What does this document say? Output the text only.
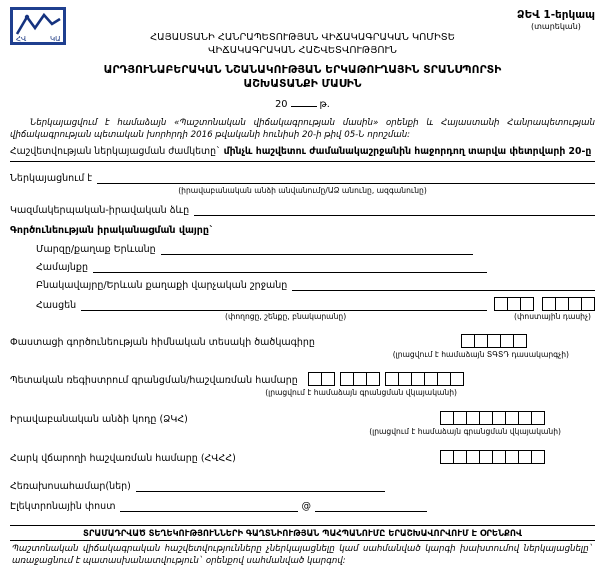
ՀՎ	ԿԱ
ՁԵՎ 1-երկապ
(տարեկան)
ՀԱՅԱՍՏԱՆԻ ՀԱՆՐԱՊԵՏՈՒԹՅԱՆ ՎԻՃԱԿԱԳՐԱԿԱՆ ԿՈՄԻՏԵ
ՎԻՃԱԿԱԳՐԱԿԱՆ ՀԱՇՎԵՏՎՈՒԹՅՈՒՆ
ԱՐԴՅՈՒՆԱԲԵՐԱԿԱՆ ՆՇԱՆԱԿՈՒԹՅԱՆ ԵՐԿԱԹՈՒՂԱՅԻՆ ՏՐԱՆՍՊՈՐՏԻ
ԱՇԽԱՏԱՆՔԻ ՄԱՍԻՆ
20	թ.

Ներկայացվում է համաձայն «Պաշտոնական վիճակագրության մասին» օրենքի և Հայաստանի Հանրապետության վիճակագրության պետական խորհրդի 2016 թվականի հունիսի 20-ի թիվ 05-Ն որոշման:

Հաշվետվության ներկայացման ժամկետը` մինչև հաշվետու ժամանակաշրջանին հաջորդող տարվա փետրվարի 20-ը
Ներկայացնում է
(իրավաբանական անձի անվանումը/ԱՁ անունը, ազգանունը)
Կազմակերպական-իրավական ձևը
Գործունեության իրականացման վայրը`
Մարզը/քաղաք Երևանը
Համայնքը
Բնակավայրը/Երևան քաղաքի վարչական շրջանը
Հասցեն
(փողոցը, շենքը, բնակարանը)	(փոստային դասիչ)
Փաստացի գործունեության հիմնական տեսակի ծածկագիրը
(լրացվում է համաձայն ՏԳՏԴ դասակարգչի)
Պետական ռեգիստրում գրանցման/հաշվառման համարը
(լրացվում է համաձայն գրանցման վկայականի)
Իրավաբանական անձի կոդը (ՁԿՀ)
(լրացվում է համաձայն գրանցման վկայականի)
Հարկ վճարողի հաշվառման համարը (ՀՎՀՀ)
Հեռախոսահամար(ներ)
Էլեկտրոնային փոստ	@
ՏՐԱՄԱԴՐՎԱԾ ՏԵՂԵԿՈՒԹՅՈՒՆՆԵՐԻ ԳԱՂՏՆԻՈՒԹՅԱՆ ՊԱՀՊԱՆՈՒՄԸ ԵՐԱՇԽԱՎՈՐՎՈՒՄ Է ՕՐԵՆՔՈՎ

Պաշտոնական վիճակագրական հաշվետվությունները չներկայացնելը կամ սահմանված կարգի խախտումով ներկայացնելը` առաջացնում է պատասխանատվություն` օրենքով սահմանված կարգով:
